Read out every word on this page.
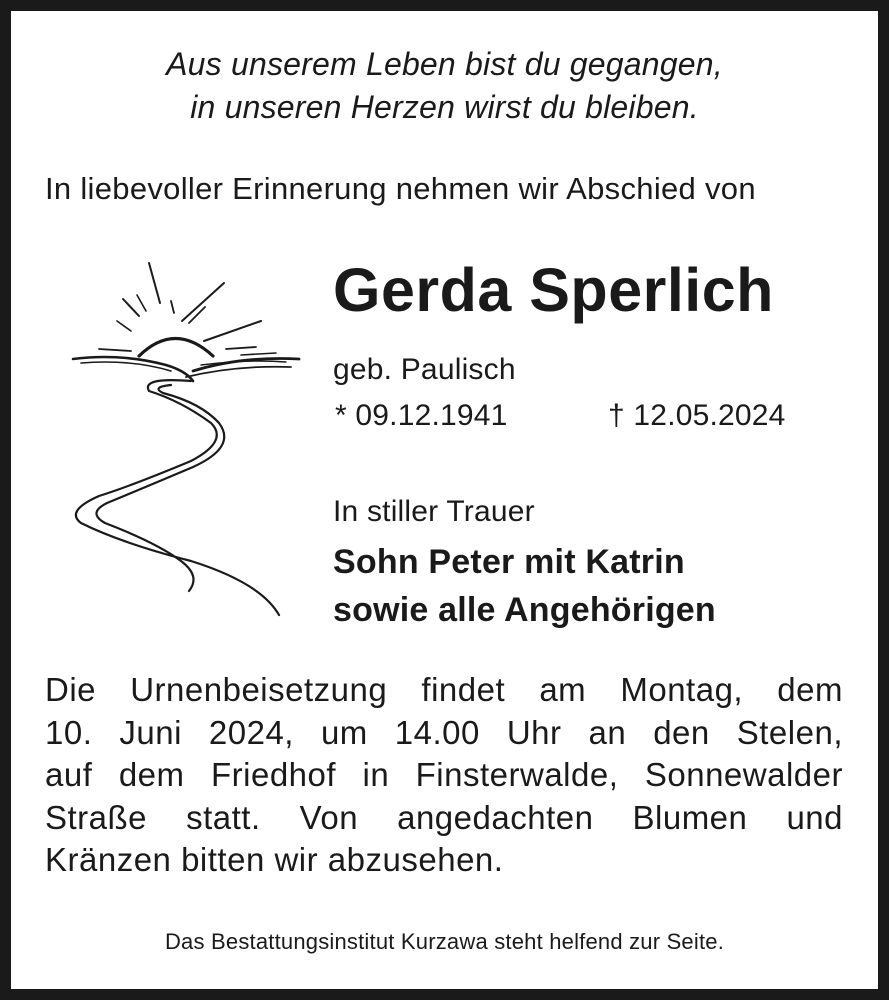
Aus unserem Leben bist du gegangen,
in unseren Herzen wirst du bleiben.
In liebevoller Erinnerung nehmen wir Abschied von
Gerda Sperlich
geb. Paulisch
* 09.12.1941	† 12.05.2024
In stiller Trauer
Sohn Peter mit Katrin
sowie alle Angehörigen
Die Urnenbeisetzung findet am Montag, dem
10. Juni 2024, um 14.00 Uhr an den Stelen,
auf dem Friedhof in Finsterwalde, Sonnewalder
Straße statt. Von angedachten Blumen und
Kränzen bitten wir abzusehen.
Das Bestattungsinstitut Kurzawa steht helfend zur Seite.
